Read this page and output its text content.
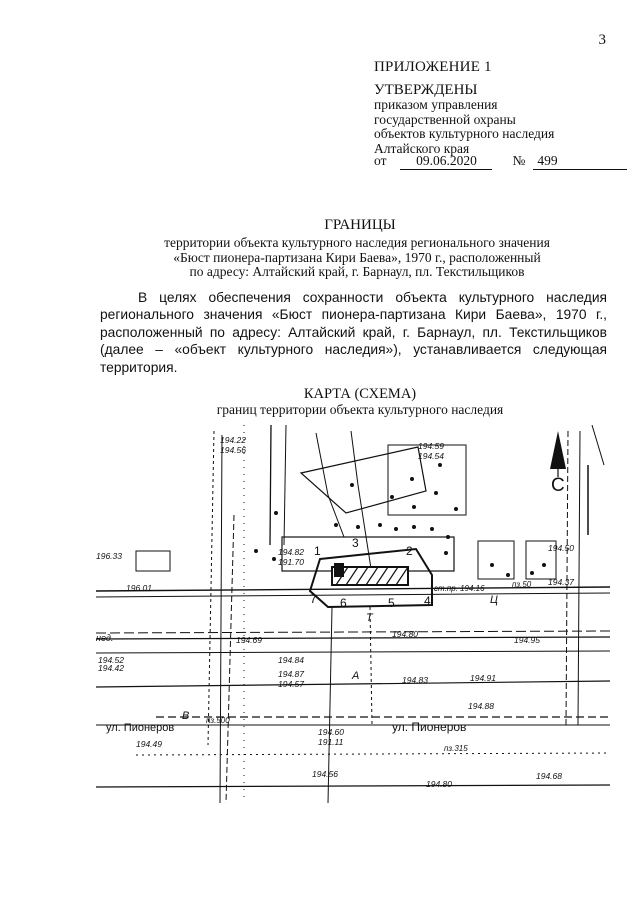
3
ПРИЛОЖЕНИЕ 1
УТВЕРЖДЕНЫ
приказом управления
государственной охраны
объектов культурного наследия
Алтайского края
от 09.06.2020	№ 499
ГРАНИЦЫ
территории объекта культурного наследия регионального значения
«Бюст пионера-партизана Кири Баева», 1970 г., расположенный
по адресу: Алтайский край, г. Барнаул, пл. Текстильщиков
В целях обеспечения сохранности объекта культурного наследия регионального значения «Бюст пионера-партизана Кири Баева», 1970 г., расположенный по адресу: Алтайский край, г. Барнаул, пл. Текстильщиков (далее – «объект культурного наследия»), устанавливается следующая территория.
КАРТА (СХЕМА)
границ территории объекта культурного наследия
С
ул. Пионеров
ул. Пионеров
1	2
3
4
5
6
7
194.22
194.56	194.59
194.54
196.33
196.01
194.82
191.70
194.69
194.52
194.42
194.84
194.87
194.57	194.83
194.80
194.95
194.91
194.88
194.49
194.60
191.11
194.56
194.80
194.68
194.50
194.37
Ц
А
В
Т
нед.
пз.500
пз.315
ст.пр. 194.16	пз.50
